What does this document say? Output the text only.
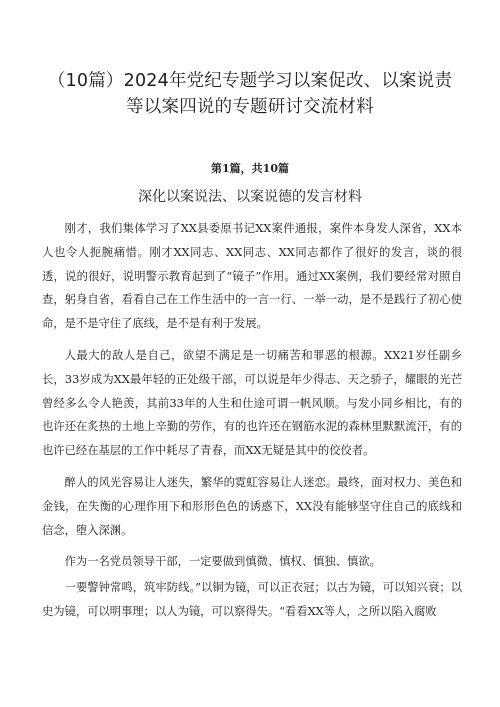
（10篇）2024年党纪专题学习以案促改、以案说责
等以案四说的专题研讨交流材料
第1篇，共10篇
深化以案说法、以案说德的发言材料

刚才，我们集体学习了XX县委原书记XX案件通报，案件本身发人深省，XX本人也令人扼腕痛惜。刚才XX同志、XX同志、XX同志都作了很好的发言，谈的很透，说的很好，说明警示教育起到了“镜子”作用。通过XX案例，我们要经常对照自查，躬身自省，看看自己在工作生活中的一言一行、一举一动，是不是践行了初心使命，是不是守住了底线，是不是有利于发展。

人最大的敌人是自己，欲望不满足是一切痛苦和罪恶的根源。XX21岁任副乡长，33岁成为XX最年轻的正处级干部，可以说是年少得志、天之骄子，耀眼的光芒曾经多么令人艳羡，其前33年的人生和仕途可谓一帆风顺。与发小同乡相比，有的也许还在炙热的土地上辛勤的劳作，有的也许还在钢筋水泥的森林里默默流汗，有的也许已经在基层的工作中耗尽了青春，而XX无疑是其中的佼佼者。

醉人的风光容易让人迷失，繁华的霓虹容易让人迷恋。最终，面对权力、美色和金钱，在失衡的心理作用下和形形色色的诱惑下，XX没有能够坚守住自己的底线和信念，堕入深渊。

作为一名党员领导干部，一定要做到慎微、慎权、慎独、慎欲。

一要警钟常鸣，筑牢防线。”以铜为镜，可以正衣冠；以古为镜，可以知兴衰；以史为镜，可以明事理；以人为镜，可以察得失。“看看XX等人，之所以陷入腐败
